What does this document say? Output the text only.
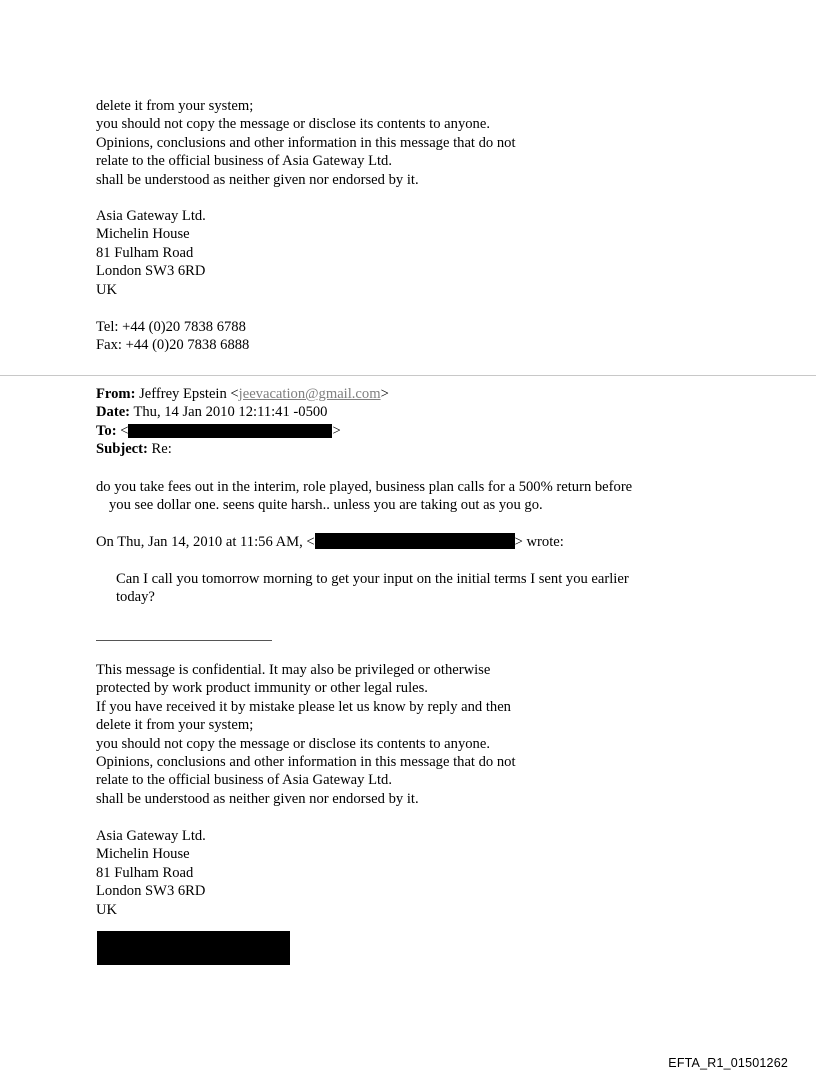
delete it from your system;
you should not copy the message or disclose its contents to anyone.
Opinions, conclusions and other information in this message that do not
relate to the official business of Asia Gateway Ltd.
shall be understood as neither given nor endorsed by it.
Asia Gateway Ltd.
Michelin House
81 Fulham Road
London SW3 6RD
UK
Tel: +44 (0)20 7838 6788
Fax: +44 (0)20 7838 6888
From: Jeffrey Epstein <jeevacation@gmail.com>
Date: Thu, 14 Jan 2010 12:11:41 -0500
To: <	>
Subject: Re:
do you take fees out in the interim, role played, business plan calls for a 500% return before
you see dollar one. seens quite harsh.. unless you are taking out as you go.
On Thu, Jan 14, 2010 at 11:56 AM, <	> wrote:
Can I call you tomorrow morning to get your input on the initial terms I sent you earlier
today?
This message is confidential. It may also be privileged or otherwise
protected by work product immunity or other legal rules.
If you have received it by mistake please let us know by reply and then
delete it from your system;
you should not copy the message or disclose its contents to anyone.
Opinions, conclusions and other information in this message that do not
relate to the official business of Asia Gateway Ltd.
shall be understood as neither given nor endorsed by it.
Asia Gateway Ltd.
Michelin House
81 Fulham Road
London SW3 6RD
UK
EFTA_R1_01501262
